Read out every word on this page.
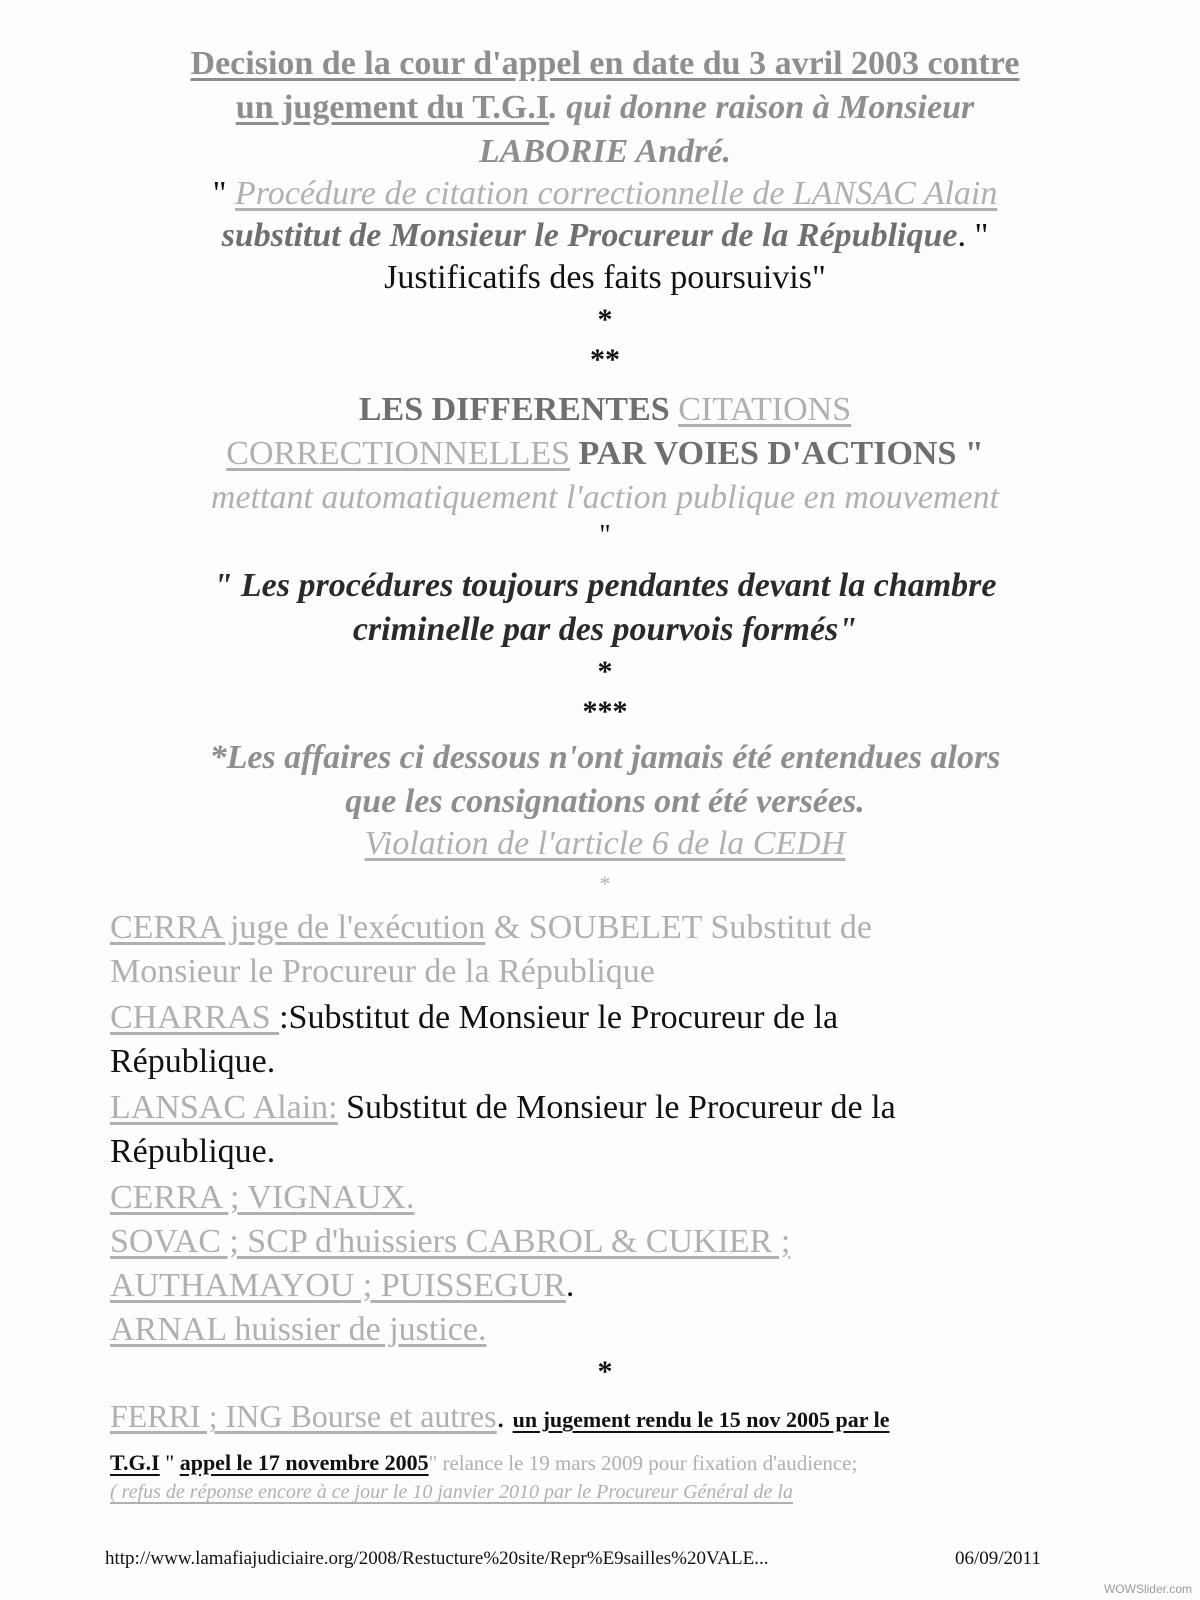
Decision de la cour d'appel en date du 3 avril 2003 contre
un jugement du T.G.I. qui donne raison à Monsieur
LABORIE André.
" Procédure de citation correctionnelle de LANSAC Alain
substitut de Monsieur le Procureur de la République. "
Justificatifs des faits poursuivis"
*
**
LES DIFFERENTES CITATIONS
CORRECTIONNELLES PAR VOIES D'ACTIONS "
mettant automatiquement l'action publique en mouvement
"
" Les procédures toujours pendantes devant la chambre
criminelle par des pourvois formés"
*
***
*Les affaires ci dessous n'ont jamais été entendues alors
que les consignations ont été versées.
Violation de l'article 6 de la CEDH
*
CERRA juge de l'exécution & SOUBELET Substitut de
Monsieur le Procureur de la République
CHARRAS :Substitut de Monsieur le Procureur de la
République.
LANSAC Alain: Substitut de Monsieur le Procureur de la
République.
CERRA ; VIGNAUX.
SOVAC ; SCP d'huissiers CABROL & CUKIER ;
AUTHAMAYOU ; PUISSEGUR.
ARNAL huissier de justice.
*
FERRI ; ING Bourse et autres. un jugement rendu le 15 nov 2005 par le
T.G.I " appel le 17 novembre 2005" relance le 19 mars 2009 pour fixation d'audience;
( refus de réponse encore à ce jour le 10 janvier 2010 par le Procureur Général de la
http://www.lamafiajudiciaire.org/2008/Restucture%20site/Repr%E9sailles%20VALE...	06/09/2011
WOWSlider.com
